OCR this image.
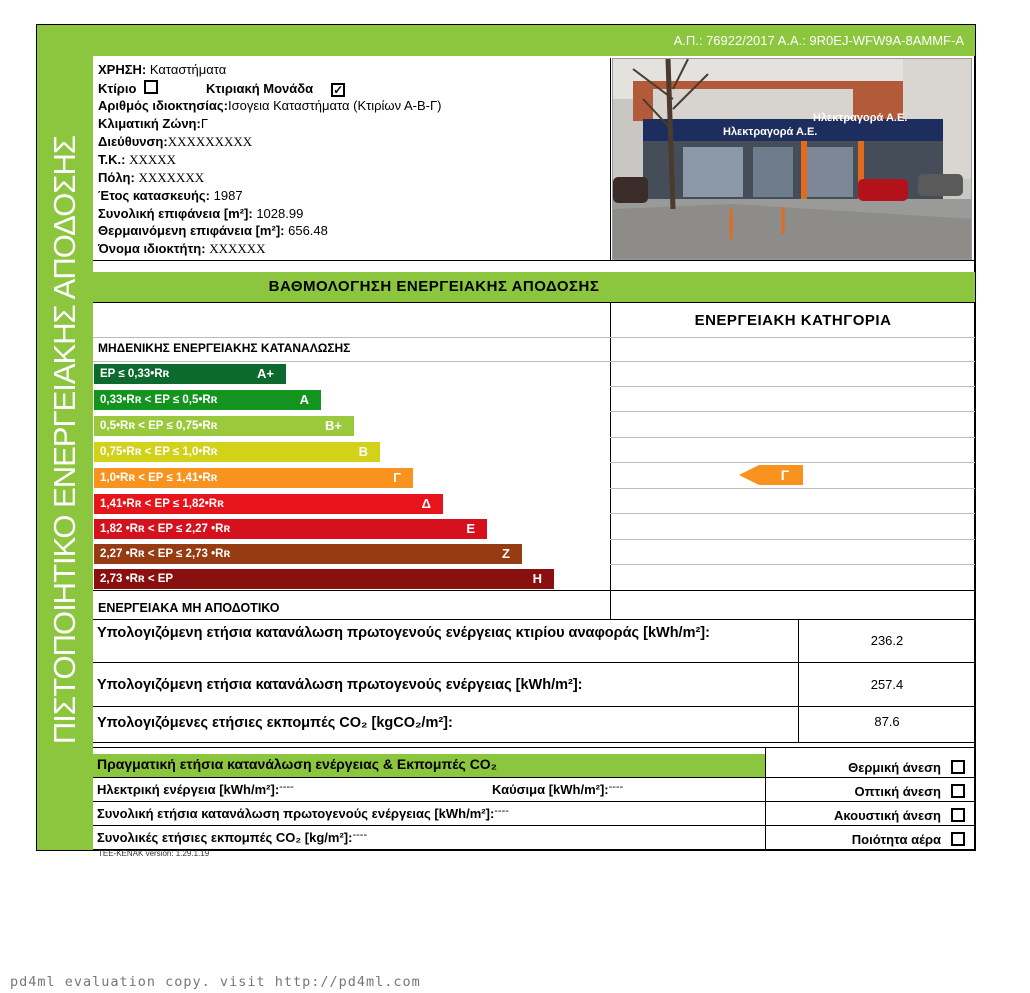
ΠΙΣΤΟΠΟΙΗΤΙΚΟ ΕΝΕΡΓΕΙΑΚΗΣ ΑΠΟΔΟΣΗΣ
Α.Π.: 76922/2017 Α.Α.: 9R0EJ-WFW9A-8AMMF-A
ΧΡΗΣΗ: Καταστήματα
Κτίριο	Κτιριακή Μονάδα ✓
Αριθμός ιδιοκτησίας:Ισογεια Καταστήματα (Κτιρίων Α-Β-Γ)
Κλιματική Ζώνη:Γ
Διεύθυνση:XXXXXXXXX
Τ.Κ.: XXXXX
Πόλη: XXXXXXX
Έτος κατασκευής: 1987
Συνολική επιφάνεια [m²]: 1028.99
Θερμαινόμενη επιφάνεια [m²]: 656.48
Όνομα ιδιοκτήτη: XXXXXX
Ηλεκτραγορά Α.Ε.
Ηλεκτραγορά Α.Ε.
ΒΑΘΜΟΛΟΓΗΣΗ ΕΝΕΡΓΕΙΑΚΗΣ ΑΠΟΔΟΣΗΣ
ΕΝΕΡΓΕΙΑΚΗ ΚΑΤΗΓΟΡΙΑ
ΜΗΔΕΝΙΚΗΣ ΕΝΕΡΓΕΙΑΚΗΣ ΚΑΤΑΝΑΛΩΣΗΣ
ΕΝΕΡΓΕΙΑΚΑ ΜΗ ΑΠΟΔΟΤΙΚΟ
EP ≤ 0,33•Rʀ	A+
0,33•Rʀ < EP ≤ 0,5•Rʀ	A
0,5•Rʀ < EP ≤ 0,75•Rʀ	B+
0,75•Rʀ < EP ≤ 1,0•Rʀ	B
1,0•Rʀ < EP ≤ 1,41•Rʀ	Γ
1,41•Rʀ < EP ≤ 1,82•Rʀ	Δ
1,82 •Rʀ < EP ≤ 2,27 •Rʀ	Ε
2,27 •Rʀ < EP ≤ 2,73 •Rʀ	Ζ
2,73 •Rʀ < EP	Η
Γ
Υπολογιζόμενη ετήσια κατανάλωση πρωτογενούς ενέργειας κτιρίου αναφοράς [kWh/m²]:	236.2
Υπολογιζόμενη ετήσια κατανάλωση πρωτογενούς ενέργειας [kWh/m²]:	257.4
Υπολογιζόμενες ετήσιες εκπομπές CO₂ [kgCO₂/m²]:	87.6
Πραγματική ετήσια κατανάλωση ενέργειας & Εκπομπές CO₂
Ηλεκτρική ενέργεια [kWh/m²]:----	Καύσιμα [kWh/m²]:----
Συνολική ετήσια κατανάλωση πρωτογενούς ενέργειας [kWh/m²]:----
Συνολικές ετήσιες εκπομπές CO₂ [kg/m²]:----
Θερμική άνεση
Οπτική άνεση
Ακουστική άνεση
Ποιότητα αέρα
TEE-KENAK version: 1.29.1.19
pd4ml evaluation copy. visit http://pd4ml.com
